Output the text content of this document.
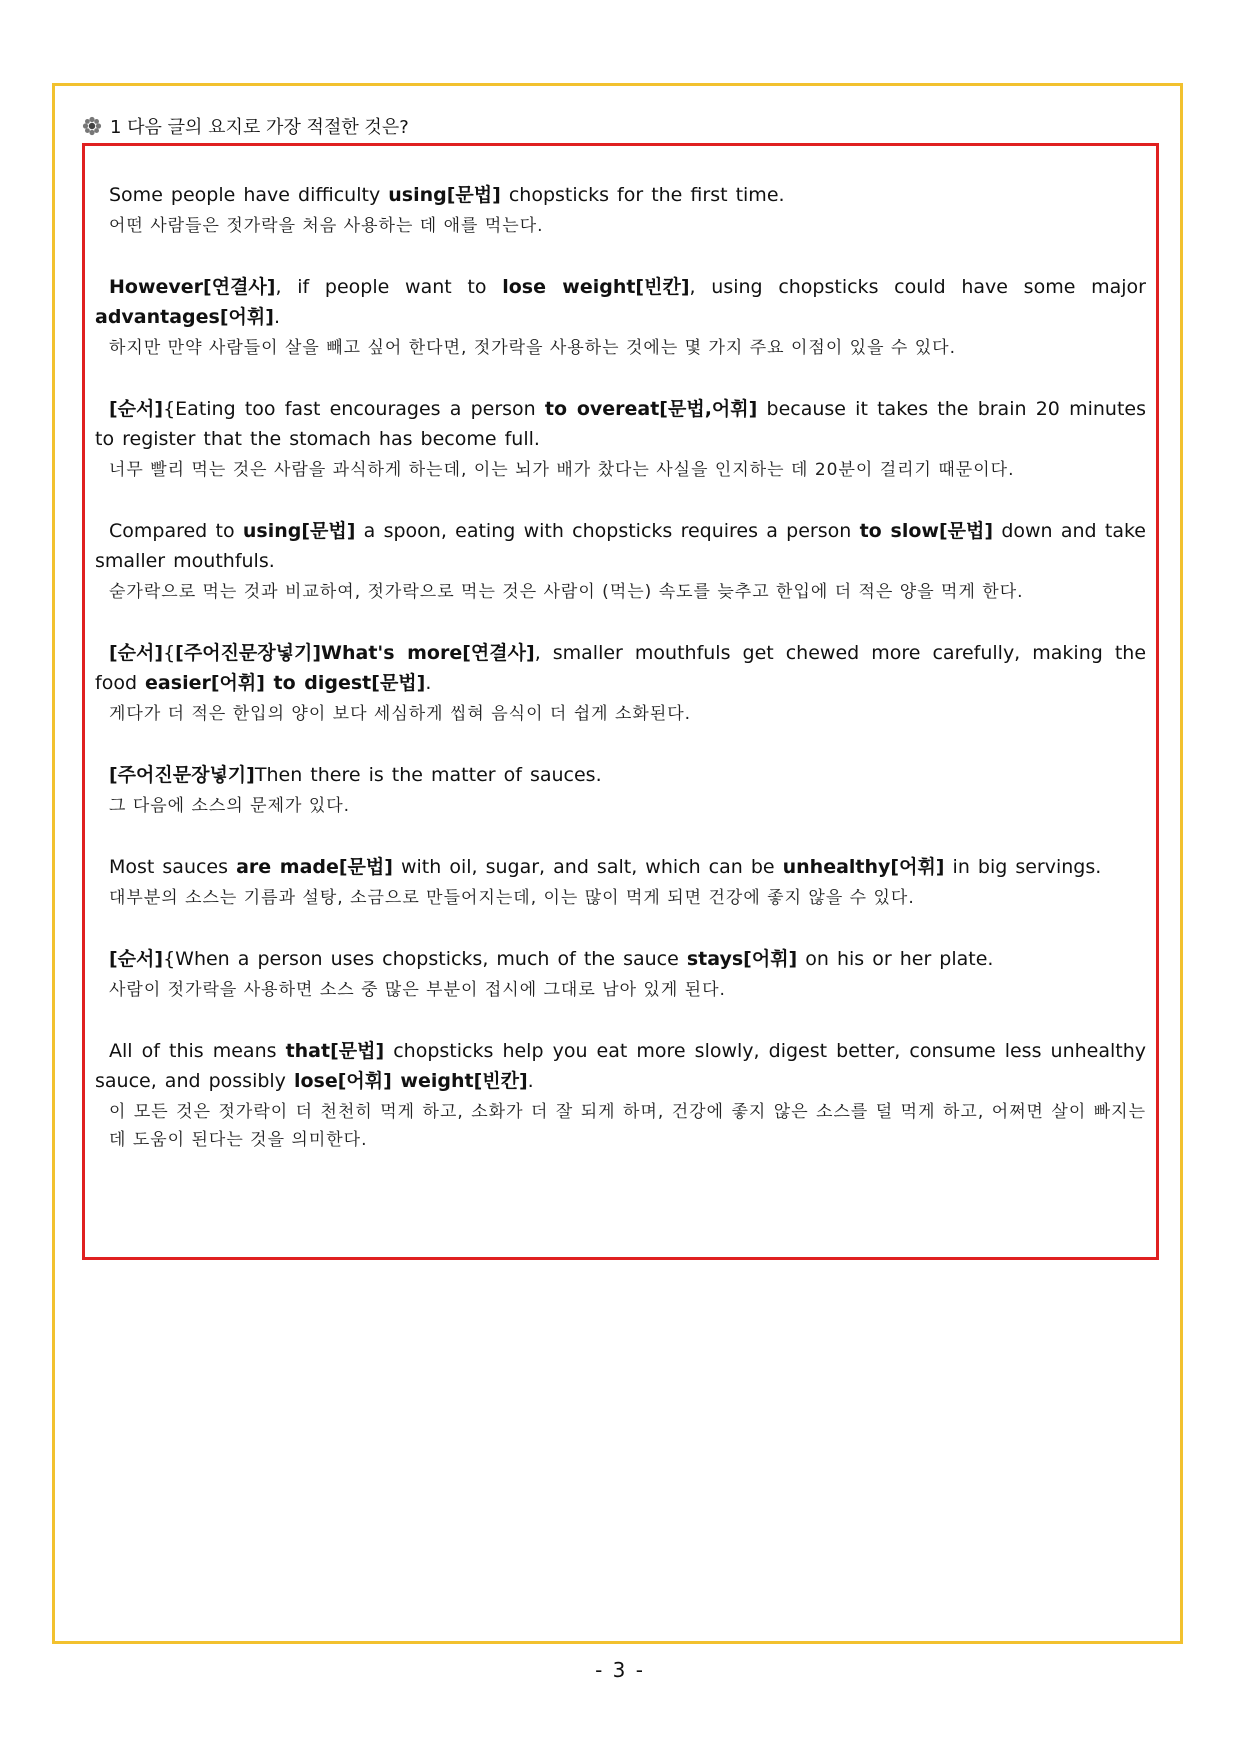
1 다음 글의 요지로 가장 적절한 것은?

Some people have difficulty using[문법] chopsticks for the first time.

어떤 사람들은 젓가락을 처음 사용하는 데 애를 먹는다.

However[연결사], if people want to lose weight[빈칸], using chopsticks could have some major advantages[어휘].

하지만 만약 사람들이 살을 빼고 싶어 한다면, 젓가락을 사용하는 것에는 몇 가지 주요 이점이 있을 수 있다.

[순서]{Eating too fast encourages a person to overeat[문법,어휘] because it takes the brain 20 minutes to register that the stomach has become full.

너무 빨리 먹는 것은 사람을 과식하게 하는데, 이는 뇌가 배가 찼다는 사실을 인지하는 데 20분이 걸리기 때문이다.

Compared to using[문법] a spoon, eating with chopsticks requires a person to slow[문법] down and take smaller mouthfuls.

숟가락으로 먹는 것과 비교하여, 젓가락으로 먹는 것은 사람이 (먹는) 속도를 늦추고 한입에 더 적은 양을 먹게 한다.

[순서]{[주어진문장넣기]What's more[연결사], smaller mouthfuls get chewed more carefully, making the food easier[어휘] to digest[문법].

게다가 더 적은 한입의 양이 보다 세심하게 씹혀 음식이 더 쉽게 소화된다.

[주어진문장넣기]Then there is the matter of sauces.

그 다음에 소스의 문제가 있다.

Most sauces are made[문법] with oil, sugar, and salt, which can be unhealthy[어휘] in big servings.

대부분의 소스는 기름과 설탕, 소금으로 만들어지는데, 이는 많이 먹게 되면 건강에 좋지 않을 수 있다.

[순서]{When a person uses chopsticks, much of the sauce stays[어휘] on his or her plate.

사람이 젓가락을 사용하면 소스 중 많은 부분이 접시에 그대로 남아 있게 된다.

All of this means that[문법] chopsticks help you eat more slowly, digest better, consume less unhealthy sauce, and possibly lose[어휘] weight[빈칸].

이 모든 것은 젓가락이 더 천천히 먹게 하고, 소화가 더 잘 되게 하며, 건강에 좋지 않은 소스를 덜 먹게 하고, 어쩌면 살이 빠지는 데 도움이 된다는 것을 의미한다.

- 3 -
